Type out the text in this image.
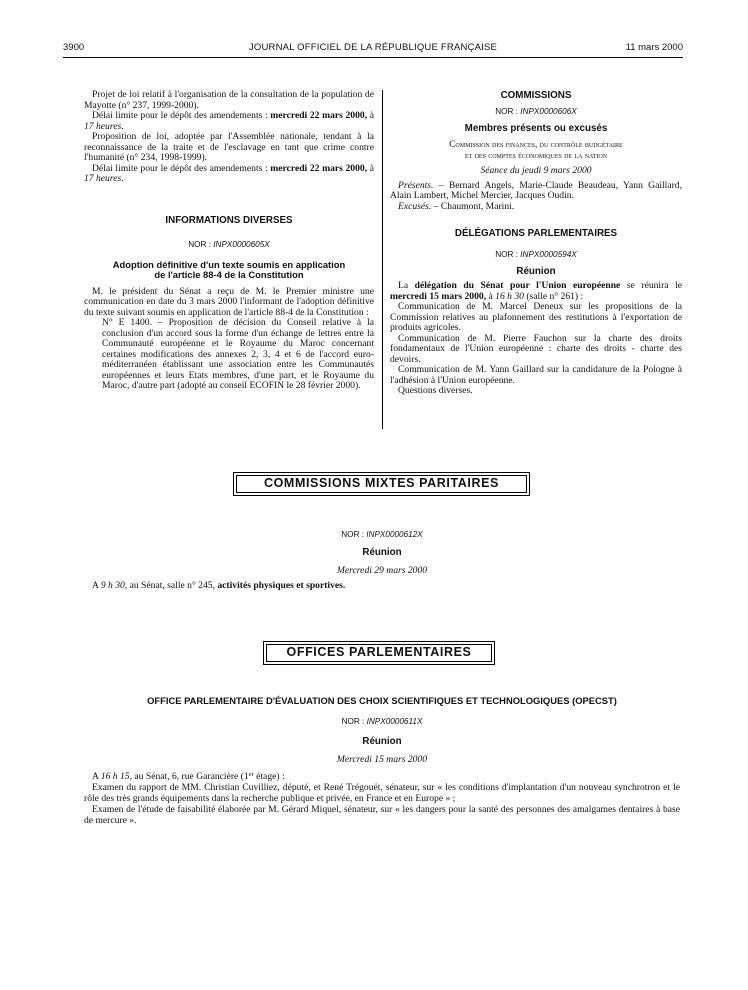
3900	JOURNAL OFFICIEL DE LA RÉPUBLIQUE FRANÇAISE	11 mars 2000

Projet de loi relatif à l'organisation de la consultation de la population de Mayotte (n° 237, 1999-2000).

Délai limite pour le dépôt des amendements : mercredi 22 mars 2000, à 17 heures.

Proposition de loi, adoptée par l'Assemblée nationale, tendant à la reconnaissance de la traite et de l'esclavage en tant que crime contre l'humanité (n° 234, 1998-1999).

Délai limite pour le dépôt des amendements : mercredi 22 mars 2000, à 17 heures.

INFORMATIONS DIVERSES

NOR : INPX0000605X

Adoption définitive d'un texte soumis en application

de l'article 88-4 de la Constitution

M. le président du Sénat a reçu de M. le Premier ministre une communication en date du 3 mars 2000 l'informant de l'adoption définitive du texte suivant soumis en application de l'article 88-4 de la Constitution :

N° E 1400. – Proposition de décision du Conseil relative à la conclusion d'un accord sous la forme d'un échange de lettres entre la Communauté européenne et le Royaume du Maroc concernant certaines modifications des annexes 2, 3, 4 et 6 de l'accord euro-méditerranéen établissant une association entre les Communautés européennes et leurs Etats membres, d'une part, et le Royaume du Maroc, d'autre part (adopté au conseil ECOFIN le 28 février 2000).

COMMISSIONS

NOR : INPX0000606X

Membres présents ou excusés

Commission des finances, du contrôle budgétaire

et des comptes économiques de la nation

Séance du jeudi 9 mars 2000

Présents. – Bernard Angels, Marie-Claude Beaudeau, Yann Gaillard, Alain Lambert, Michel Mercier, Jacques Oudin.

Excusés. – Chaumont, Marini.

DÉLÉGATIONS PARLEMENTAIRES

NOR : INPX0000594X

Réunion

La délégation du Sénat pour l'Union européenne se réunira le mercredi 15 mars 2000, à 16 h 30 (salle n° 261) :

Communication de M. Marcel Deneux sur les propositions de la Commission relatives au plafonnement des restitutions à l'exportation de produits agricoles.

Communication de M. Pierre Fauchon sur la charte des droits fondamentaux de l'Union européenne : charte des droits - charte des devoirs.

Communication de M. Yann Gaillard sur la candidature de la Pologne à l'adhésion à l'Union européenne.

Questions diverses.

COMMISSIONS MIXTES PARITAIRES

NOR : INPX0000612X

Réunion

Mercredi 29 mars 2000

A 9 h 30, au Sénat, salle n° 245, activités physiques et sportives.

OFFICES PARLEMENTAIRES

OFFICE PARLEMENTAIRE D'ÉVALUATION DES CHOIX SCIENTIFIQUES ET TECHNOLOGIQUES (OPECST)

NOR : INPX0000611X

Réunion

Mercredi 15 mars 2000

A 16 h 15, au Sénat, 6, rue Garancière (1er étage) :

Examen du rapport de MM. Christian Cuvilliez, député, et René Trégouët, sénateur, sur « les conditions d'implantation d'un nouveau synchrotron et le rôle des très grands équipements dans la recherche publique et privée, en France et en Europe » ;

Examen de l'étude de faisabilité élaborée par M. Gérard Miquel, sénateur, sur « les dangers pour la santé des personnes des amalgames dentaires à base de mercure ».
